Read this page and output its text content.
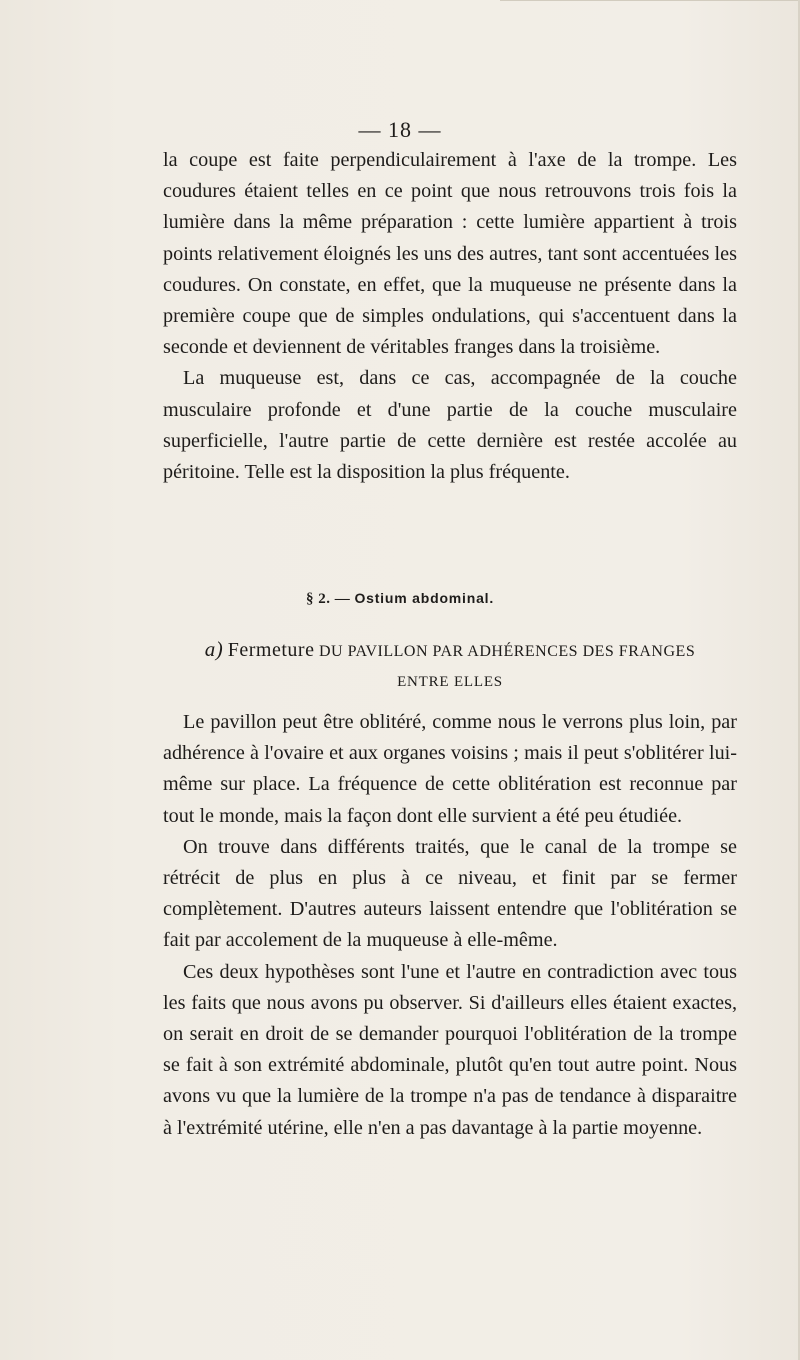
— 18 —

la coupe est faite perpendiculairement à l'axe de la trompe. Les coudures étaient telles en ce point que nous retrouvons trois fois la lumière dans la même préparation : cette lumière appartient à trois points relativement éloignés les uns des autres, tant sont accentuées les coudures. On constate, en effet, que la muqueuse ne présente dans la première coupe que de simples ondulations, qui s'accentuent dans la seconde et deviennent de véritables franges dans la troisième.

La muqueuse est, dans ce cas, accompagnée de la couche musculaire profonde et d'une partie de la couche musculaire superficielle, l'autre partie de cette dernière est restée accolée au péritoine. Telle est la disposition la plus fréquente.

§ 2. — Ostium abdominal.
a) Fermeture DU PAVILLON PAR ADHÉRENCES DES FRANGES
ENTRE ELLES

Le pavillon peut être oblitéré, comme nous le verrons plus loin, par adhérence à l'ovaire et aux organes voisins ; mais il peut s'oblitérer lui-même sur place. La fréquence de cette oblitération est reconnue par tout le monde, mais la façon dont elle survient a été peu étudiée.

On trouve dans différents traités, que le canal de la trompe se rétrécit de plus en plus à ce niveau, et finit par se fermer complètement. D'autres auteurs laissent entendre que l'oblitération se fait par accolement de la muqueuse à elle-même.

Ces deux hypothèses sont l'une et l'autre en contradiction avec tous les faits que nous avons pu observer. Si d'ailleurs elles étaient exactes, on serait en droit de se demander pourquoi l'oblitération de la trompe se fait à son extrémité abdominale, plutôt qu'en tout autre point. Nous avons vu que la lumière de la trompe n'a pas de tendance à disparaitre à l'extrémité utérine, elle n'en a pas davantage à la partie moyenne.
